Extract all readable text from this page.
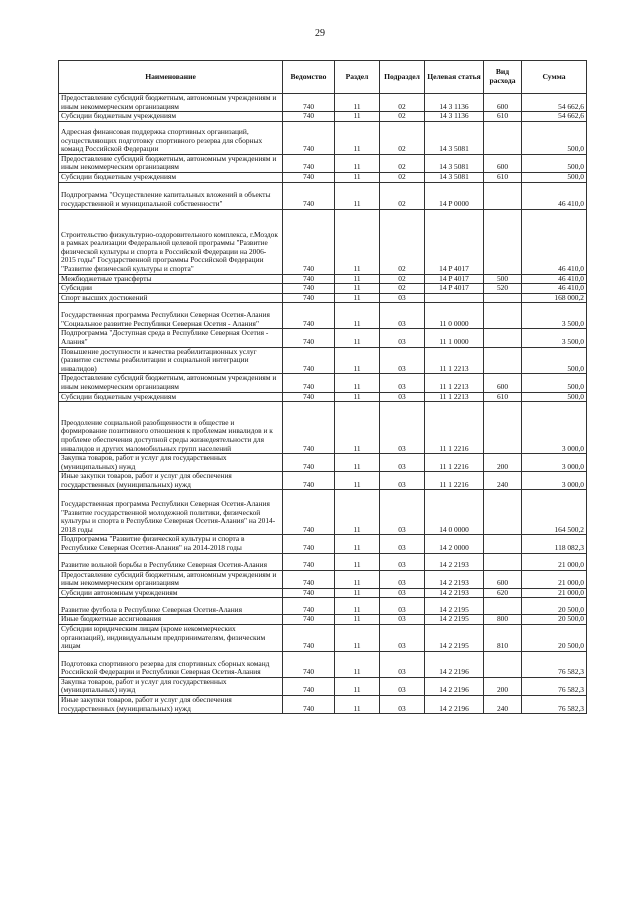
29
Наименование	Ведомство	Раздел	Подраздел	Целевая статья	Вид расхода	Сумма
Предоставление субсидий бюджетным, автономным учреждениям и иным некоммерческим организациям	740	11	02	14 3 1136	600	54 662,6
Субсидии бюджетным учреждениям	740	11	02	14 3 1136	610	54 662,6
Адресная финансовая поддержка спортивных организаций, осуществляющих подготовку спортивного резерва для сборных команд Российской Федерации	740	11	02	14 3 5081		500,0
Предоставление субсидий бюджетным, автономным учреждениям и иным некоммерческим организациям	740	11	02	14 3 5081	600	500,0
Субсидии бюджетным учреждениям	740	11	02	14 3 5081	610	500,0
Подпрограмма "Осуществление капитальных вложений в объекты государственной и муниципальной собственности"	740	11	02	14 P 0000		46 410,0
Строительство физкультурно-оздоровительного комплекса, г.Моздок в рамках реализации Федеральной целевой программы "Развитие физической культуры и спорта в Российской Федерации на 2006-2015 годы" Государственной программы Российской Федерации "Развитие физической культуры и спорта"	740	11	02	14 P 4017		46 410,0
Межбюджетные трансферты	740	11	02	14 P 4017	500	46 410,0
Субсидии	740	11	02	14 P 4017	520	46 410,0
Спорт высших достижений	740	11	03			168 000,2
Государственная программа Республики Северная Осетия-Алания "Социальное развитие Республики Северная Осетия - Алания"	740	11	03	11 0 0000		3 500,0
Подпрограмма "Доступная среда в Республике Северная Осетия - Алания"	740	11	03	11 1 0000		3 500,0
Повышение доступности и качества реабилитационных услуг (развитие системы реабилитации и социальной интеграции инвалидов)	740	11	03	11 1 2213		500,0
Предоставление субсидий бюджетным, автономным учреждениям и иным некоммерческим организациям	740	11	03	11 1 2213	600	500,0
Субсидии бюджетным учреждениям	740	11	03	11 1 2213	610	500,0
Преодоление социальной разобщенности в обществе и формирование позитивного отношения к проблемам инвалидов и к проблеме обеспечения доступной среды жизнедеятельности для инвалидов и других маломобильных групп населений	740	11	03	11 1 2216		3 000,0
Закупка товаров, работ и услуг для государственных (муниципальных) нужд	740	11	03	11 1 2216	200	3 000,0
Иные закупки товаров, работ и услуг для обеспечения государственных (муниципальных) нужд	740	11	03	11 1 2216	240	3 000,0
Государственная программа Республики Северная Осетия-Алания "Развитие государственной молодежной политики, физической культуры и спорта в Республике Северная Осетия-Алания" на 2014-2018 годы	740	11	03	14 0 0000		164 500,2
Подпрограмма "Развитие физической культуры и спорта в Республике Северная Осетия-Алания" на 2014-2018 годы	740	11	03	14 2 0000		118 082,3
Развитие вольной борьбы в Республике Северная Осетия-Алания	740	11	03	14 2 2193		21 000,0
Предоставление субсидий бюджетным, автономным учреждениям и иным некоммерческим организациям	740	11	03	14 2 2193	600	21 000,0
Субсидии автономным учреждениям	740	11	03	14 2 2193	620	21 000,0
Развитие футбола в Республике Северная Осетия-Алания	740	11	03	14 2 2195		20 500,0
Иные бюджетные ассигнования	740	11	03	14 2 2195	800	20 500,0
Субсидии юридическим лицам (кроме некоммерческих организаций), индивидуальным предпринимателям, физическим лицам	740	11	03	14 2 2195	810	20 500,0
Подготовка спортивного резерва для спортивных сборных команд Российской Федерации и Республики Северная Осетия-Алания	740	11	03	14 2 2196		76 582,3
Закупка товаров, работ и услуг для государственных (муниципальных) нужд	740	11	03	14 2 2196	200	76 582,3
Иные закупки товаров, работ и услуг для обеспечения государственных (муниципальных) нужд	740	11	03	14 2 2196	240	76 582,3
